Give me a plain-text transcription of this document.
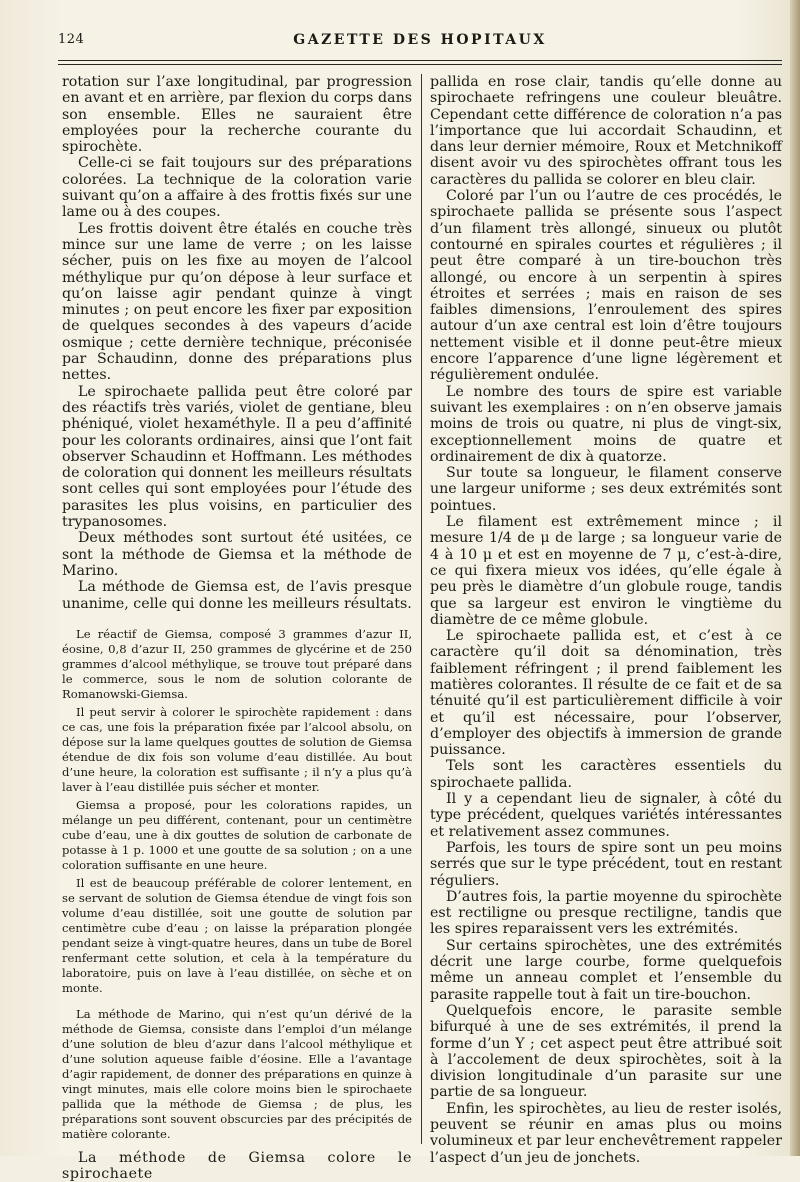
124	GAZETTE DES HOPITAUX

rotation sur l’axe longitudinal, par progression en avant et en arrière, par flexion du corps dans son ensemble. Elles ne sauraient être employées pour la recherche courante du spirochète.

Celle-ci se fait toujours sur des préparations colorées. La technique de la coloration varie suivant qu’on a affaire à des frottis fixés sur une lame ou à des coupes.

Les frottis doivent être étalés en couche très mince sur une lame de verre ; on les laisse sécher, puis on les fixe au moyen de l’alcool méthylique pur qu’on dépose à leur surface et qu’on laisse agir pendant quinze à vingt minutes ; on peut encore les fixer par exposition de quelques secondes à des vapeurs d’acide osmique ; cette dernière technique, préconisée par Schaudinn, donne des préparations plus nettes.

Le spirochaete pallida peut être coloré par des réactifs très variés, violet de gentiane, bleu phéniqué, violet hexaméthyle. Il a peu d’affinité pour les colorants ordinaires, ainsi que l’ont fait observer Schaudinn et Hoffmann. Les méthodes de coloration qui donnent les meilleurs résultats sont celles qui sont employées pour l’étude des parasites les plus voisins, en particulier des trypanosomes.

Deux méthodes sont surtout été usitées, ce sont la méthode de Giemsa et la méthode de Marino.

La méthode de Giemsa est, de l’avis presque unanime, celle qui donne les meilleurs résultats.

Le réactif de Giemsa, composé 3 grammes d’azur II, éosine, 0,8 d’azur II, 250 grammes de glycérine et de 250 grammes d’alcool méthylique, se trouve tout préparé dans le commerce, sous le nom de solution colorante de Romanowski-Giemsa.

Il peut servir à colorer le spirochète rapidement : dans ce cas, une fois la préparation fixée par l’alcool absolu, on dépose sur la lame quelques gouttes de solution de Giemsa étendue de dix fois son volume d’eau distillée. Au bout d’une heure, la coloration est suffisante ; il n’y a plus qu’à laver à l’eau distillée puis sécher et monter.

Giemsa a proposé, pour les colorations rapides, un mélange un peu différent, contenant, pour un centimètre cube d’eau, une à dix gouttes de solution de carbonate de potasse à 1 p. 1000 et une goutte de sa solution ; on a une coloration suffisante en une heure.

Il est de beaucoup préférable de colorer lentement, en se servant de solution de Giemsa étendue de vingt fois son volume d’eau distillée, soit une goutte de solution par centimètre cube d’eau ; on laisse la préparation plongée pendant seize à vingt-quatre heures, dans un tube de Borel renfermant cette solution, et cela à la température du laboratoire, puis on lave à l’eau distillée, on sèche et on monte.

La méthode de Marino, qui n’est qu’un dérivé de la méthode de Giemsa, consiste dans l’emploi d’un mélange d’une solution de bleu d’azur dans l’alcool méthylique et d’une solution aqueuse faible d’éosine. Elle a l’avantage d’agir rapidement, de donner des préparations en quinze à vingt minutes, mais elle colore moins bien le spirochaete pallida que la méthode de Giemsa ; de plus, les préparations sont souvent obscurcies par des précipités de matière colorante.

La méthode de Giemsa colore le spirochaete

pallida en rose clair, tandis qu’elle donne au spirochaete refringens une couleur bleuâtre. Cependant cette différence de coloration n’a pas l’importance que lui accordait Schaudinn, et dans leur dernier mémoire, Roux et Metchnikoff disent avoir vu des spirochètes offrant tous les caractères du pallida se colorer en bleu clair.

Coloré par l’un ou l’autre de ces procédés, le spirochaete pallida se présente sous l’aspect d’un filament très allongé, sinueux ou plutôt contourné en spirales courtes et régulières ; il peut être comparé à un tire-bouchon très allongé, ou encore à un serpentin à spires étroites et serrées ; mais en raison de ses faibles dimensions, l’enroulement des spires autour d’un axe central est loin d’être toujours nettement visible et il donne peut-être mieux encore l’apparence d’une ligne légèrement et régulièrement ondulée.

Le nombre des tours de spire est variable suivant les exemplaires : on n’en observe jamais moins de trois ou quatre, ni plus de vingt-six, exceptionnellement moins de quatre et ordinairement de dix à quatorze.

Sur toute sa longueur, le filament conserve une largeur uniforme ; ses deux extrémités sont pointues.

Le filament est extrêmement mince ; il mesure 1/4 de μ de large ; sa longueur varie de 4 à 10 μ et est en moyenne de 7 μ, c’est-à-dire, ce qui fixera mieux vos idées, qu’elle égale à peu près le diamètre d’un globule rouge, tandis que sa largeur est environ le vingtième du diamètre de ce même globule.

Le spirochaete pallida est, et c’est à ce caractère qu’il doit sa dénomination, très faiblement réfringent ; il prend faiblement les matières colorantes. Il résulte de ce fait et de sa ténuité qu’il est particulièrement difficile à voir et qu’il est nécessaire, pour l’observer, d’employer des objectifs à immersion de grande puissance.

Tels sont les caractères essentiels du spirochaete pallida.

Il y a cependant lieu de signaler, à côté du type précédent, quelques variétés intéressantes et relativement assez communes.

Parfois, les tours de spire sont un peu moins serrés que sur le type précédent, tout en restant réguliers.

D’autres fois, la partie moyenne du spirochète est rectiligne ou presque rectiligne, tandis que les spires reparaissent vers les extrémités.

Sur certains spirochètes, une des extrémités décrit une large courbe, forme quelquefois même un anneau complet et l’ensemble du parasite rappelle tout à fait un tire-bouchon.

Quelquefois encore, le parasite semble bifurqué à une de ses extrémités, il prend la forme d’un Y ; cet aspect peut être attribué soit à l’accolement de deux spirochètes, soit à la division longitudinale d’un parasite sur une partie de sa longueur.

Enfin, les spirochètes, au lieu de rester isolés, peuvent se réunir en amas plus ou moins volumineux et par leur enchevêtrement rappeler l’aspect d’un jeu de jonchets.
